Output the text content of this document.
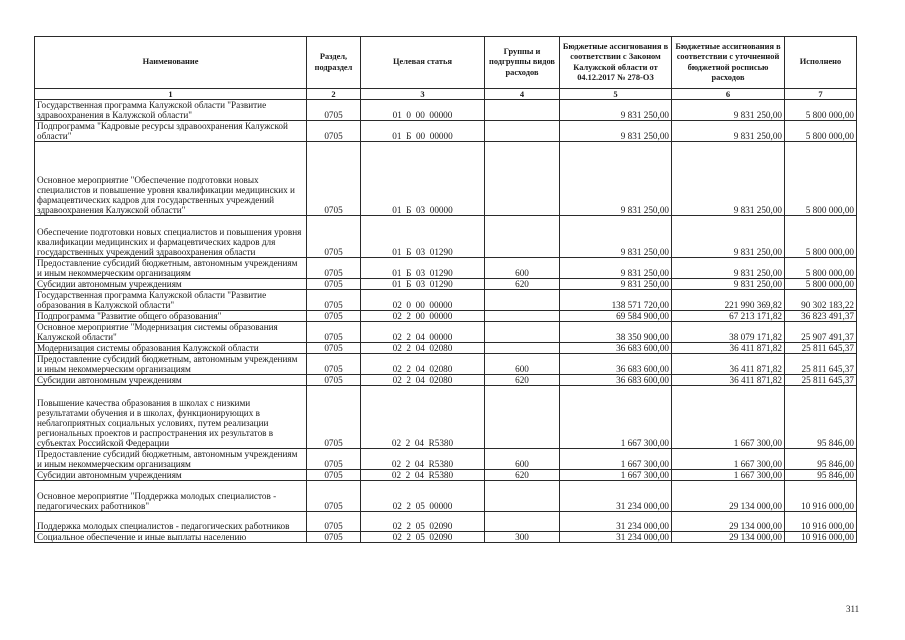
Наименование	Раздел, подраздел	Целевая статья	Группы и подгруппы видов расходов	Бюджетные ассигнования в соответствии с Законом Калужской области от 04.12.2017 № 278-ОЗ	Бюджетные ассигнования в соответствии с уточненной бюджетной росписью расходов	Исполнено
1	2	3	4	5	6	7
Государственная программа Калужской области "Развитие здравоохранения в Калужской области"	0705	01  0  00  00000		9 831 250,00	9 831 250,00	5 800 000,00
Подпрограмма "Кадровые ресурсы здравоохранения Калужской области"	0705	01  Б  00  00000		9 831 250,00	9 831 250,00	5 800 000,00
Основное мероприятие "Обеспечение подготовки новых специалистов и повышение уровня квалификации медицинских и фармацевтических кадров для государственных учреждений здравоохранения Калужской области"	0705	01  Б  03  00000		9 831 250,00	9 831 250,00	5 800 000,00
Обеспечение подготовки новых специалистов и повышения уровня квалификации медицинских и фармацевтических кадров для государственных учреждений здравоохранения области	0705	01  Б  03  01290		9 831 250,00	9 831 250,00	5 800 000,00
Предоставление субсидий бюджетным, автономным учреждениям и иным некоммерческим организациям	0705	01  Б  03  01290	600	9 831 250,00	9 831 250,00	5 800 000,00
Субсидии автономным учреждениям	0705	01  Б  03  01290	620	9 831 250,00	9 831 250,00	5 800 000,00
Государственная программа Калужской области "Развитие образования в Калужской области"	0705	02  0  00  00000		138 571 720,00	221 990 369,82	90 302 183,22
Подпрограмма "Развитие общего образования"	0705	02  2  00  00000		69 584 900,00	67 213 171,82	36 823 491,37
Основное мероприятие "Модернизация системы образования Калужской области"	0705	02  2  04  00000		38 350 900,00	38 079 171,82	25 907 491,37
Модернизация системы образования Калужской области	0705	02  2  04  02080		36 683 600,00	36 411 871,82	25 811 645,37
Предоставление субсидий бюджетным, автономным учреждениям и иным некоммерческим организациям	0705	02  2  04  02080	600	36 683 600,00	36 411 871,82	25 811 645,37
Субсидии автономным учреждениям	0705	02  2  04  02080	620	36 683 600,00	36 411 871,82	25 811 645,37
Повышение качества образования в школах с низкими результатами обучения и в школах, функционирующих в неблагоприятных социальных условиях, путем реализации региональных проектов и распространения их результатов в субъектах Российской Федерации	0705	02  2  04  R5380		1 667 300,00	1 667 300,00	95 846,00
Предоставление субсидий бюджетным, автономным учреждениям и иным некоммерческим организациям	0705	02  2  04  R5380	600	1 667 300,00	1 667 300,00	95 846,00
Субсидии автономным учреждениям	0705	02  2  04  R5380	620	1 667 300,00	1 667 300,00	95 846,00
Основное мероприятие "Поддержка молодых специалистов - педагогических работников"	0705	02  2  05  00000		31 234 000,00	29 134 000,00	10 916 000,00
Поддержка молодых специалистов - педагогических работников	0705	02  2  05  02090		31 234 000,00	29 134 000,00	10 916 000,00
Социальное обеспечение и иные выплаты населению	0705	02  2  05  02090	300	31 234 000,00	29 134 000,00	10 916 000,00
311
